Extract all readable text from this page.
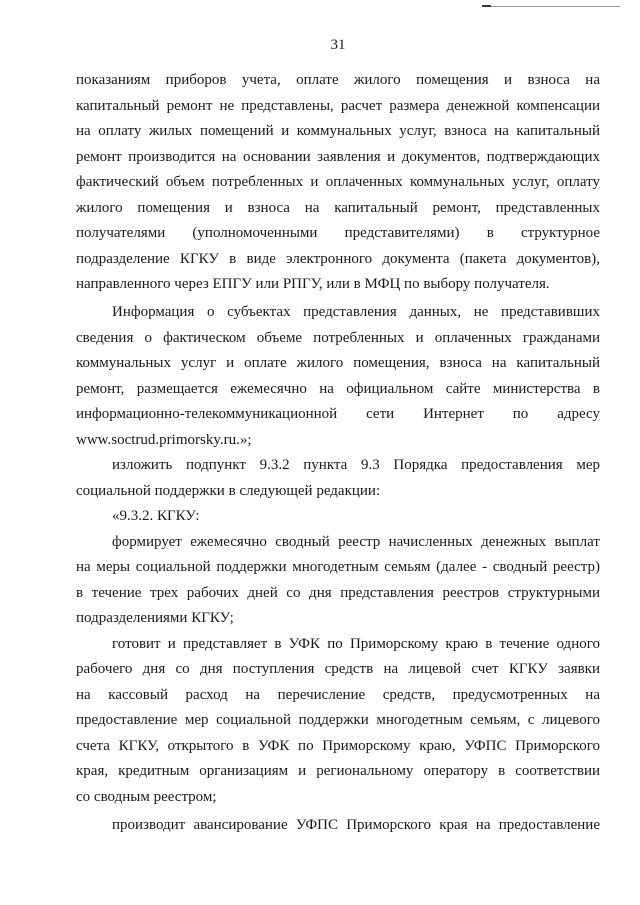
31
показаниям приборов учета, оплате жилого помещения и взноса на
капитальный ремонт не представлены, расчет размера денежной компенсации
на оплату жилых помещений и коммунальных услуг, взноса на капитальный
ремонт производится на основании заявления и документов, подтверждающих
фактический объем потребленных и оплаченных коммунальных услуг, оплату
жилого помещения и взноса на капитальный ремонт, представленных
получателями (уполномоченными представителями) в структурное
подразделение КГКУ в виде электронного документа (пакета документов),
направленного через ЕПГУ или РПГУ, или в МФЦ по выбору получателя.
Информация о субъектах представления данных, не представивших
сведения о фактическом объеме потребленных и оплаченных гражданами
коммунальных услуг и оплате жилого помещения, взноса на капитальный
ремонт, размещается ежемесячно на официальном сайте министерства в
информационно-телекоммуникационной сети Интернет по адресу
www.soctrud.primorsky.ru.»;
изложить подпункт 9.3.2 пункта 9.3 Порядка предоставления мер
социальной поддержки в следующей редакции:
«9.3.2. КГКУ:
формирует ежемесячно сводный реестр начисленных денежных выплат
на меры социальной поддержки многодетным семьям (далее - сводный реестр)
в течение трех рабочих дней со дня представления реестров структурными
подразделениями КГКУ;
готовит и представляет в УФК по Приморскому краю в течение одного
рабочего дня со дня поступления средств на лицевой счет КГКУ заявки
на кассовый расход на перечисление средств, предусмотренных на
предоставление мер социальной поддержки многодетным семьям, с лицевого
счета КГКУ, открытого в УФК по Приморскому краю, УФПС Приморского
края, кредитным организациям и региональному оператору в соответствии
со сводным реестром;
производит авансирование УФПС Приморского края на предоставление
